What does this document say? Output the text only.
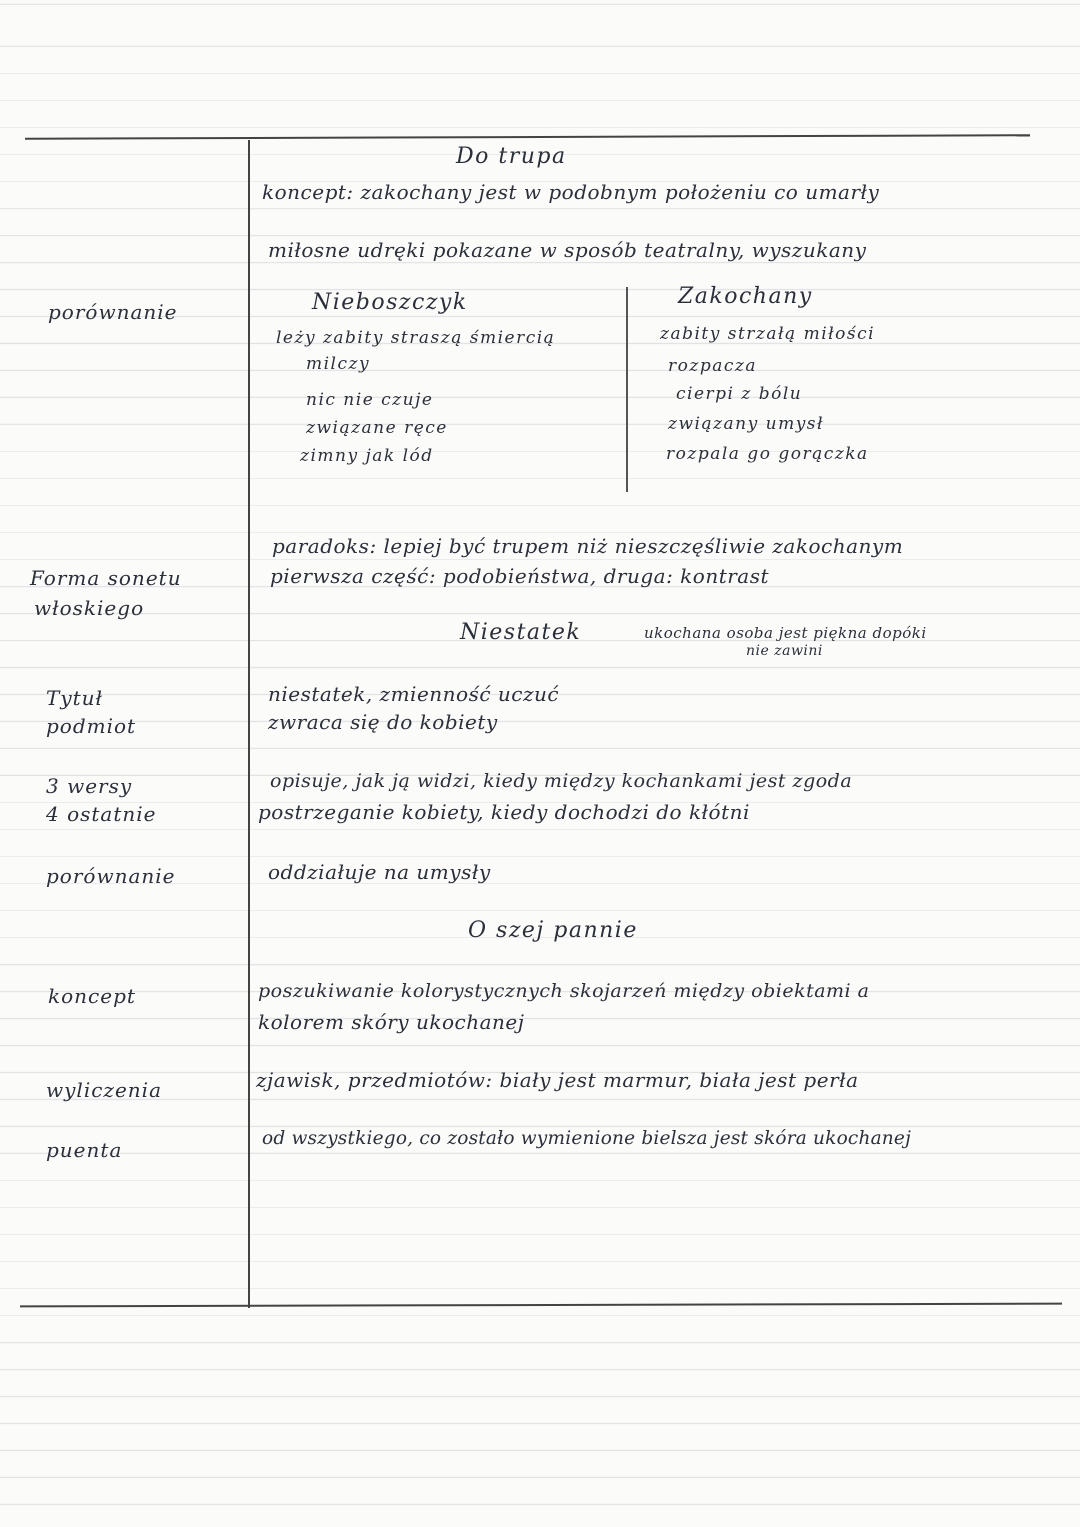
porównanie
Forma sonetu
włoskiego
Tytuł
podmiot
3 wersy
4 ostatnie
porównanie
koncept
wyliczenia
puenta
Do trupa
koncept: zakochany jest w podobnym położeniu co umarły
miłosne udręki pokazane w sposób teatralny, wyszukany
Nieboszczyk
leży zabity straszą śmiercią
milczy
nic nie czuje
związane ręce
zimny jak lód
Zakochany
zabity strzałą miłości
rozpacza
cierpi z bólu
związany umysł
rozpala go gorączka
paradoks: lepiej być trupem niż nieszczęśliwie zakochanym
pierwsza część: podobieństwa, druga: kontrast
Niestatek	ukochana osoba jest piękna dopóki
nie zawini
niestatek, zmienność uczuć
zwraca się do kobiety
opisuje, jak ją widzi, kiedy między kochankami jest zgoda
postrzeganie kobiety, kiedy dochodzi do kłótni
oddziałuje na umysły
O szej pannie
poszukiwanie kolorystycznych skojarzeń między obiektami a
kolorem skóry ukochanej
zjawisk, przedmiotów: biały jest marmur, biała jest perła
od wszystkiego, co zostało wymienione bielsza jest skóra ukochanej
